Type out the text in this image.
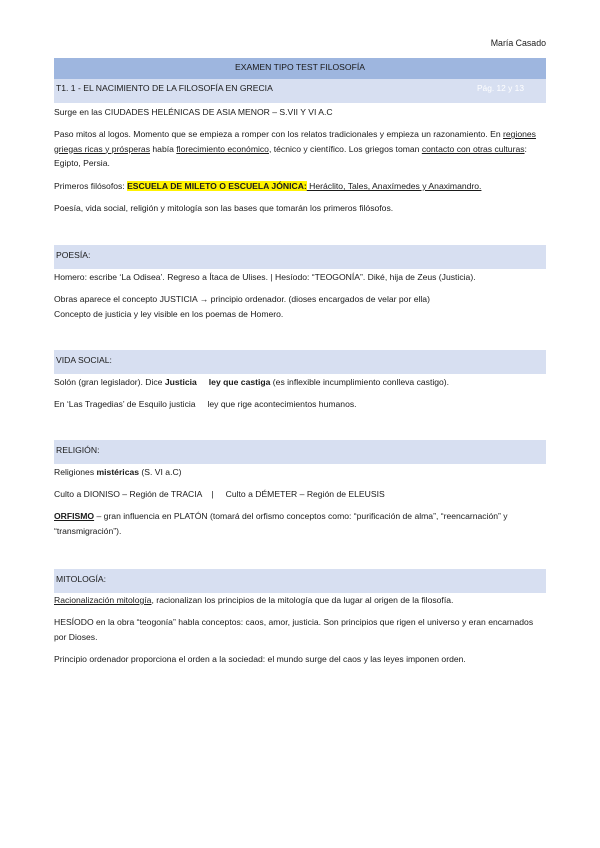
María Casado
EXAMEN TIPO TEST FILOSOFÍA
T1. 1 - EL NACIMIENTO DE LA FILOSOFÍA EN GRECIA	Pág. 12 y 13

Surge en las CIUDADES HELÉNICAS DE ASIA MENOR – S.VII Y VI A.C

Paso mitos al logos. Momento que se empieza a romper con los relatos tradicionales y empieza un razonamiento. En regiones griegas ricas y prósperas había florecimiento económico, técnico y científico. Los griegos toman contacto con otras culturas: Egipto, Persia.

Primeros filósofos: ESCUELA DE MILETO O ESCUELA JÓNICA: Heráclito, Tales, Anaxímedes y Anaximandro.

Poesía, vida social, religión y mitología son las bases que tomarán los primeros filósofos.

POESÍA:

Homero: escribe ‘La Odisea’. Regreso a Ítaca de Ulises. | Hesíodo: “TEOGONÍA”. Diké, hija de Zeus (Justicia).

Obras aparece el concepto JUSTICIA → principio ordenador. (dioses encargados de velar por ella)

Concepto de justicia y ley visible en los poemas de Homero.

VIDA SOCIAL:

Solón (gran legislador). Dice Justicia ley que castiga (es inflexible incumplimiento conlleva castigo).

En ‘Las Tragedias’ de Esquilo justicia     ley que rige acontecimientos humanos.

RELIGIÓN:

Religiones mistéricas (S. VI a.C)

Culto a DIONISO – Región de TRACIA    |     Culto a DÉMETER – Región de ELEUSIS

ORFISMO – gran influencia en PLATÓN (tomará del orfismo conceptos como: “purificación de alma”, “reencarnación” y “transmigración”).

MITOLOGÍA:

Racionalización mitología, racionalizan los principios de la mitología que da lugar al origen de la filosofía.

HESÍODO en la obra “teogonía” habla conceptos: caos, amor, justicia. Son principios que rigen el universo y eran encarnados por Dioses.

Principio ordenador proporciona el orden a la sociedad: el mundo surge del caos y las leyes imponen orden.
